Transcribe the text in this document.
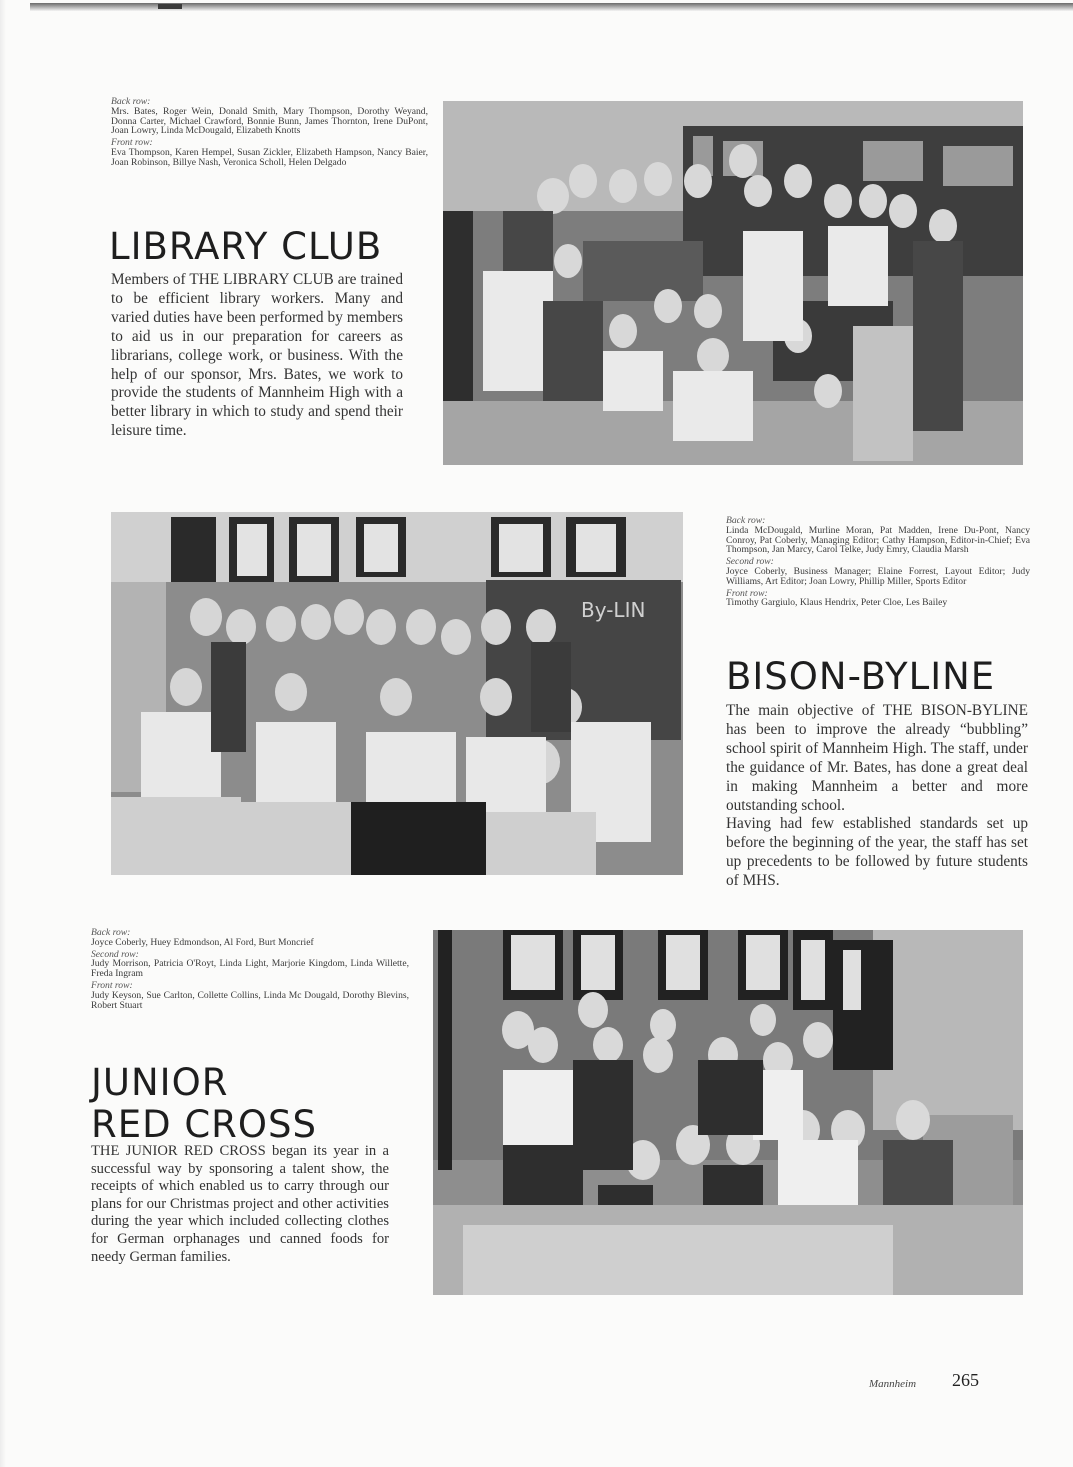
Back row:
Mrs. Bates, Roger Wein, Donald Smith, Mary Thompson, Dorothy Weyand, Donna Carter, Michael Crawford, Bonnie Bunn, James Thornton, Irene DuPont, Joan Lowry, Linda McDougald, Elizabeth Knotts
Front row:
Eva Thompson, Karen Hempel, Susan Zickler, Elizabeth Hampson, Nancy Baier, Joan Robinson, Billye Nash, Veronica Scholl, Helen Delgado
LIBRARY CLUB

Members of THE LIBRARY CLUB are trained to be efficient library workers. Many and varied duties have been performed by members to aid us in our preparation for careers as librarians, college work, or business. With the help of our sponsor, Mrs. Bates, we work to provide the students of Mannheim High with a better library in which to study and spend their leisure time.

By-LIN
Back row:
Linda McDougald, Murline Moran, Pat Madden, Irene Du-Pont, Nancy Conroy, Pat Coberly, Managing Editor; Cathy Hampson, Editor-in-Chief; Eva Thompson, Jan Marcy, Carol Telke, Judy Emry, Claudia Marsh
Second row:
Joyce Coberly, Business Manager; Elaine Forrest, Layout Editor; Judy Williams, Art Editor; Joan Lowry, Phillip Miller, Sports Editor
Front row:
Timothy Gargiulo, Klaus Hendrix, Peter Cloe, Les Bailey
BISON-BYLINE
The main objective of THE BISON-BYLINE has been to improve the already “bubbling” school spirit of Mannheim High. The staff, under the guidance of Mr. Bates, has done a great deal in making Mannheim a better and more outstanding school.
Having had few established standards set up before the beginning of the year, the staff has set up precedents to be followed by future students of MHS.
Back row:
Joyce Coberly, Huey Edmondson, Al Ford, Burt Moncrief
Second row:
Judy Morrison, Patricia O'Royt, Linda Light, Marjorie Kingdom, Linda Willette, Freda Ingram
Front row:
Judy Keyson, Sue Carlton, Collette Collins, Linda Mc Dougald, Dorothy Blevins, Robert Stuart
JUNIOR
RED CROSS

THE JUNIOR RED CROSS began its year in a successful way by sponsoring a talent show, the receipts of which enabled us to carry through our plans for our Christmas project and other activities during the year which included collecting clothes for German orphanages und canned foods for needy German families.

Mannheim 265
